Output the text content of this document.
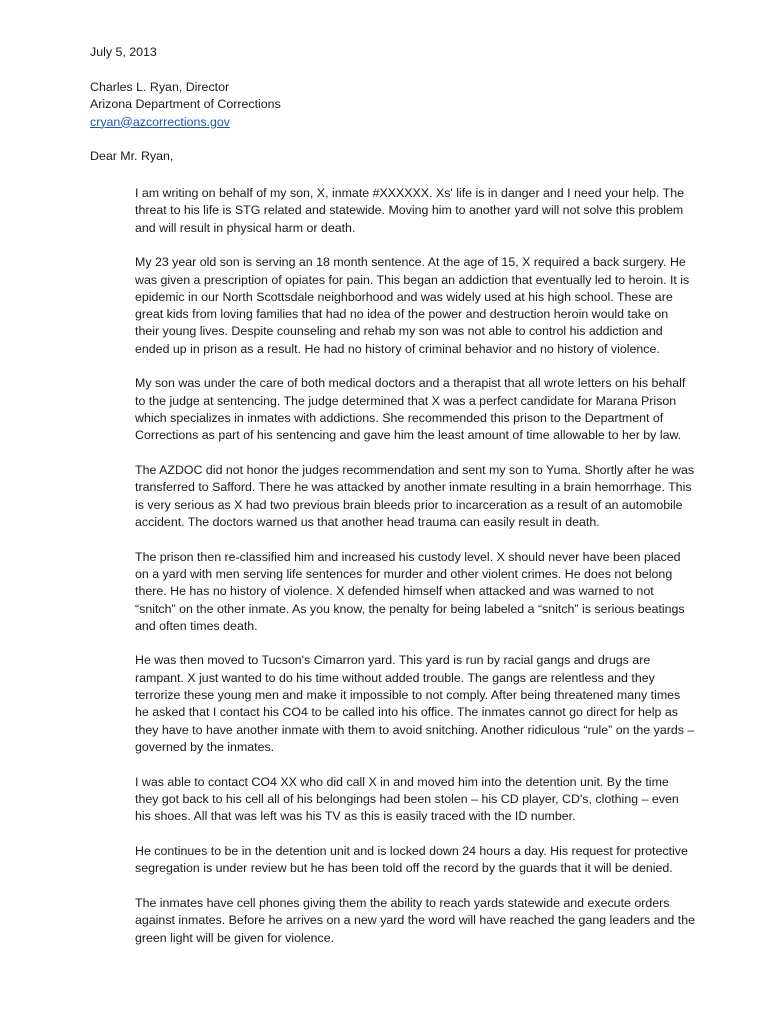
July 5, 2013

Charles L. Ryan, Director
Arizona Department of Corrections
cryan@azcorrections.gov

Dear Mr. Ryan,

I am writing on behalf of my son, X, inmate #XXXXXX. Xs' life is in danger and I need your help. The threat to his life is STG related and statewide. Moving him to another yard will not solve this problem and will result in physical harm or death.

My 23 year old son is serving an 18 month sentence. At the age of 15, X required a back surgery. He was given a prescription of opiates for pain. This began an addiction that eventually led to heroin. It is epidemic in our North Scottsdale neighborhood and was widely used at his high school. These are great kids from loving families that had no idea of the power and destruction heroin would take on their young lives. Despite counseling and rehab my son was not able to control his addiction and ended up in prison as a result. He had no history of criminal behavior and no history of violence.

My son was under the care of both medical doctors and a therapist that all wrote letters on his behalf to the judge at sentencing. The judge determined that X was a perfect candidate for Marana Prison which specializes in inmates with addictions. She recommended this prison to the Department of Corrections as part of his sentencing and gave him the least amount of time allowable to her by law.

The AZDOC did not honor the judges recommendation and sent my son to Yuma. Shortly after he was transferred to Safford. There he was attacked by another inmate resulting in a brain hemorrhage. This is very serious as X had two previous brain bleeds prior to incarceration as a result of an automobile accident. The doctors warned us that another head trauma can easily result in death.

The prison then re-classified him and increased his custody level. X should never have been placed on a yard with men serving life sentences for murder and other violent crimes. He does not belong there. He has no history of violence. X defended himself when attacked and was warned to not “snitch” on the other inmate. As you know, the penalty for being labeled a “snitch” is serious beatings and often times death.

He was then moved to Tucson's Cimarron yard. This yard is run by racial gangs and drugs are rampant. X just wanted to do his time without added trouble. The gangs are relentless and they terrorize these young men and make it impossible to not comply. After being threatened many times he asked that I contact his CO4 to be called into his office. The inmates cannot go direct for help as they have to have another inmate with them to avoid snitching. Another ridiculous “rule” on the yards – governed by the inmates.

I was able to contact CO4 XX who did call X in and moved him into the detention unit. By the time they got back to his cell all of his belongings had been stolen – his CD player, CD's, clothing – even his shoes. All that was left was his TV as this is easily traced with the ID number.

He continues to be in the detention unit and is locked down 24 hours a day. His request for protective segregation is under review but he has been told off the record by the guards that it will be denied.

The inmates have cell phones giving them the ability to reach yards statewide and execute orders against inmates. Before he arrives on a new yard the word will have reached the gang leaders and the green light will be given for violence.
